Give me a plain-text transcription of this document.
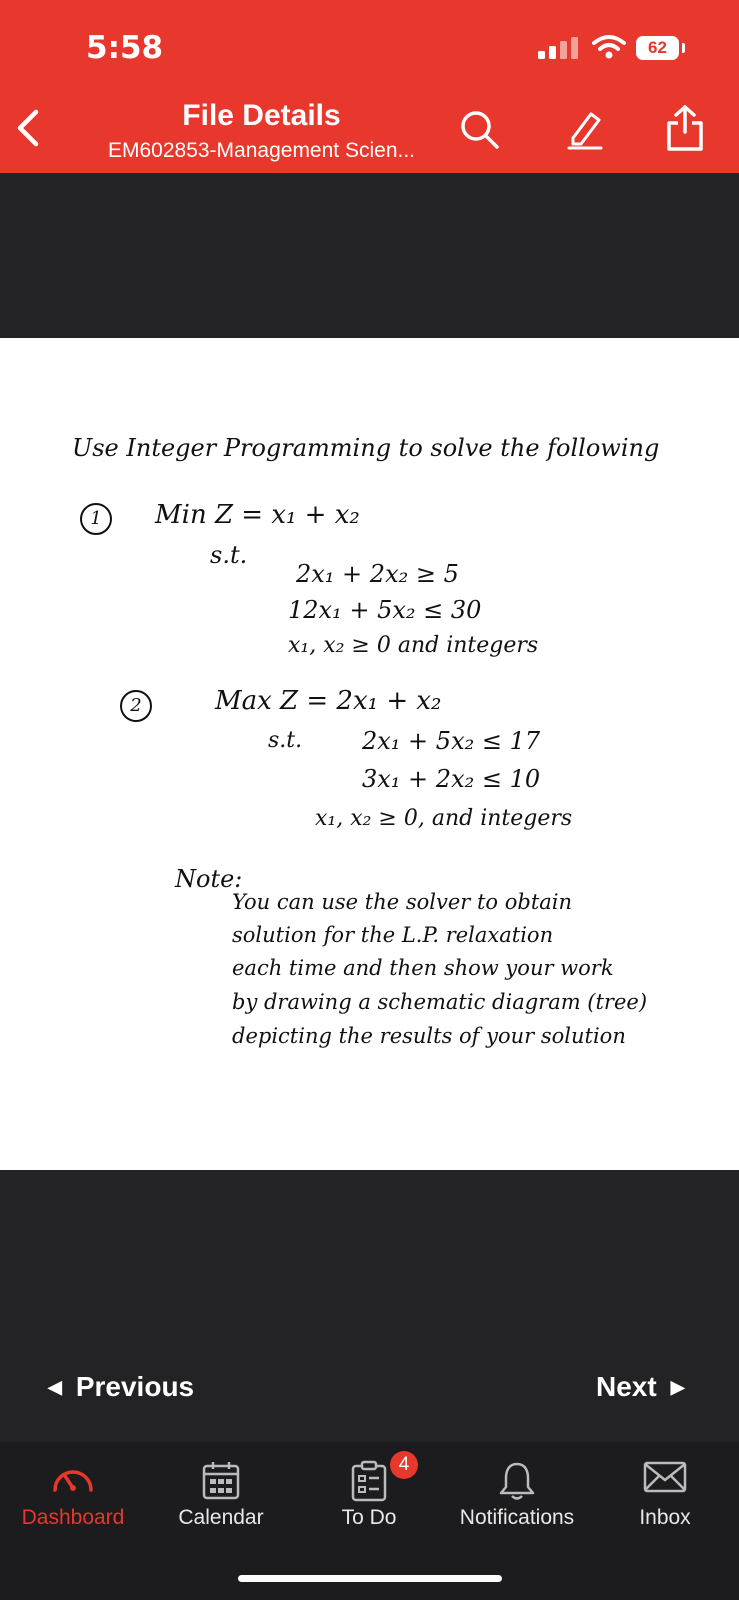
5:58	62
File Details
EM602853-Management Scien...
Use Integer Programming to solve the following
1	Min Z = x₁ + x₂
s.t.
2x₁ + 2x₂ ≥ 5
12x₁ + 5x₂ ≤ 30
x₁, x₂ ≥ 0 and integers
2	Max Z = 2x₁ + x₂
s.t. 2x₁ + 5x₂ ≤ 17
3x₁ + 2x₂ ≤ 10
x₁, x₂ ≥ 0, and integers
Note:
You can use the solver to obtain
solution for the L.P. relaxation
each time and then show your work
by drawing a schematic diagram (tree)
depicting the results of your solution
◀ Previous	Next ▶
Dashboard	Calendar	To Do	Notifications	Inbox
4
